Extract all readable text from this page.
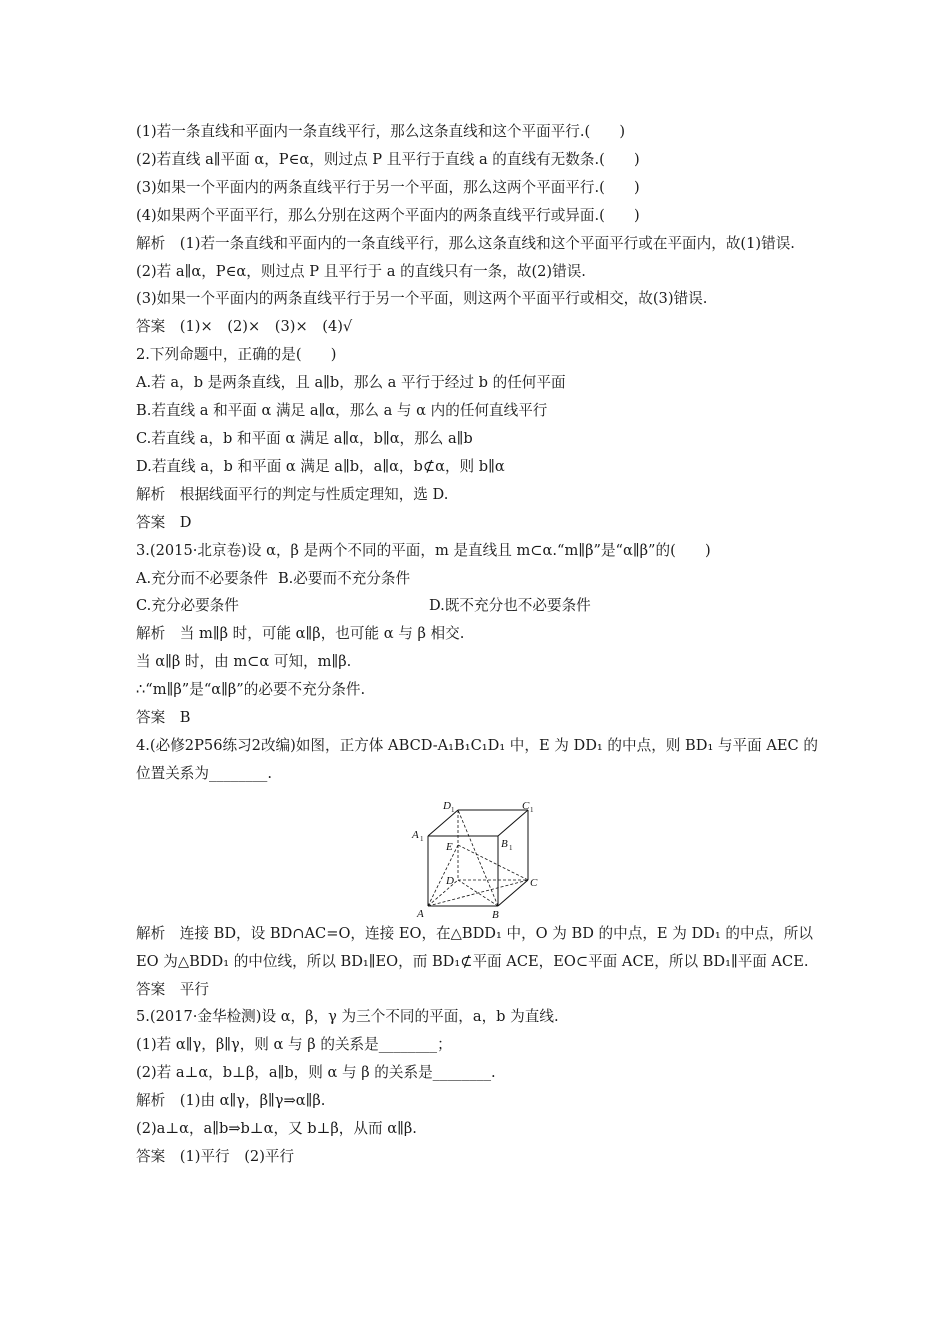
(1)若一条直线和平面内一条直线平行，那么这条直线和这个平面平行.(　　)
(2)若直线 a∥平面 α，P∈α，则过点 P 且平行于直线 a 的直线有无数条.(　　)
(3)如果一个平面内的两条直线平行于另一个平面，那么这两个平面平行.(　　)
(4)如果两个平面平行，那么分别在这两个平面内的两条直线平行或异面.(　　)
解析　(1)若一条直线和平面内的一条直线平行，那么这条直线和这个平面平行或在平面内，故(1)错误.
(2)若 a∥α，P∈α，则过点 P 且平行于 a 的直线只有一条，故(2)错误.
(3)如果一个平面内的两条直线平行于另一个平面，则这两个平面平行或相交，故(3)错误.
答案　(1)×　(2)×　(3)×　(4)√
2.下列命题中，正确的是(　　)
A.若 a，b 是两条直线，且 a∥b，那么 a 平行于经过 b 的任何平面
B.若直线 a 和平面 α 满足 a∥α，那么 a 与 α 内的任何直线平行
C.若直线 a，b 和平面 α 满足 a∥α，b∥α，那么 a∥b
D.若直线 a，b 和平面 α 满足 a∥b，a∥α，b⊄α，则 b∥α
解析　根据线面平行的判定与性质定理知，选 D.
答案　D
3.(2015·北京卷)设 α，β 是两个不同的平面，m 是直线且 m⊂α.“m∥β”是“α∥β”的(　　)
A.充分而不必要条件 B.必要而不充分条件
C.充分必要条件	D.既不充分也不必要条件
解析　当 m∥β 时，可能 α∥β，也可能 α 与 β 相交.
当 α∥β 时，由 m⊂α 可知，m∥β.
∴“m∥β”是“α∥β”的必要不充分条件.
答案　B
4.(必修2P56练习2改编)如图，正方体 ABCD-A₁B₁C₁D₁ 中，E 为 DD₁ 的中点，则 BD₁ 与平面 AEC 的位置关系为________.
D 1	C 1
A 1	B 1
E
D	C
A	B
解析　连接 BD，设 BD∩AC=O，连接 EO，在△BDD₁ 中，O 为 BD 的中点，E 为 DD₁ 的中点，所以 EO 为△BDD₁ 的中位线，所以 BD₁∥EO，而 BD₁⊄平面 ACE，EO⊂平面 ACE，所以 BD₁∥平面 ACE.
答案　平行
5.(2017·金华检测)设 α，β，γ 为三个不同的平面，a，b 为直线.
(1)若 α∥γ，β∥γ，则 α 与 β 的关系是________；
(2)若 a⊥α，b⊥β，a∥b，则 α 与 β 的关系是________.
解析　(1)由 α∥γ，β∥γ⇒α∥β.
(2)a⊥α，a∥b⇒b⊥α，又 b⊥β，从而 α∥β.
答案　(1)平行　(2)平行
